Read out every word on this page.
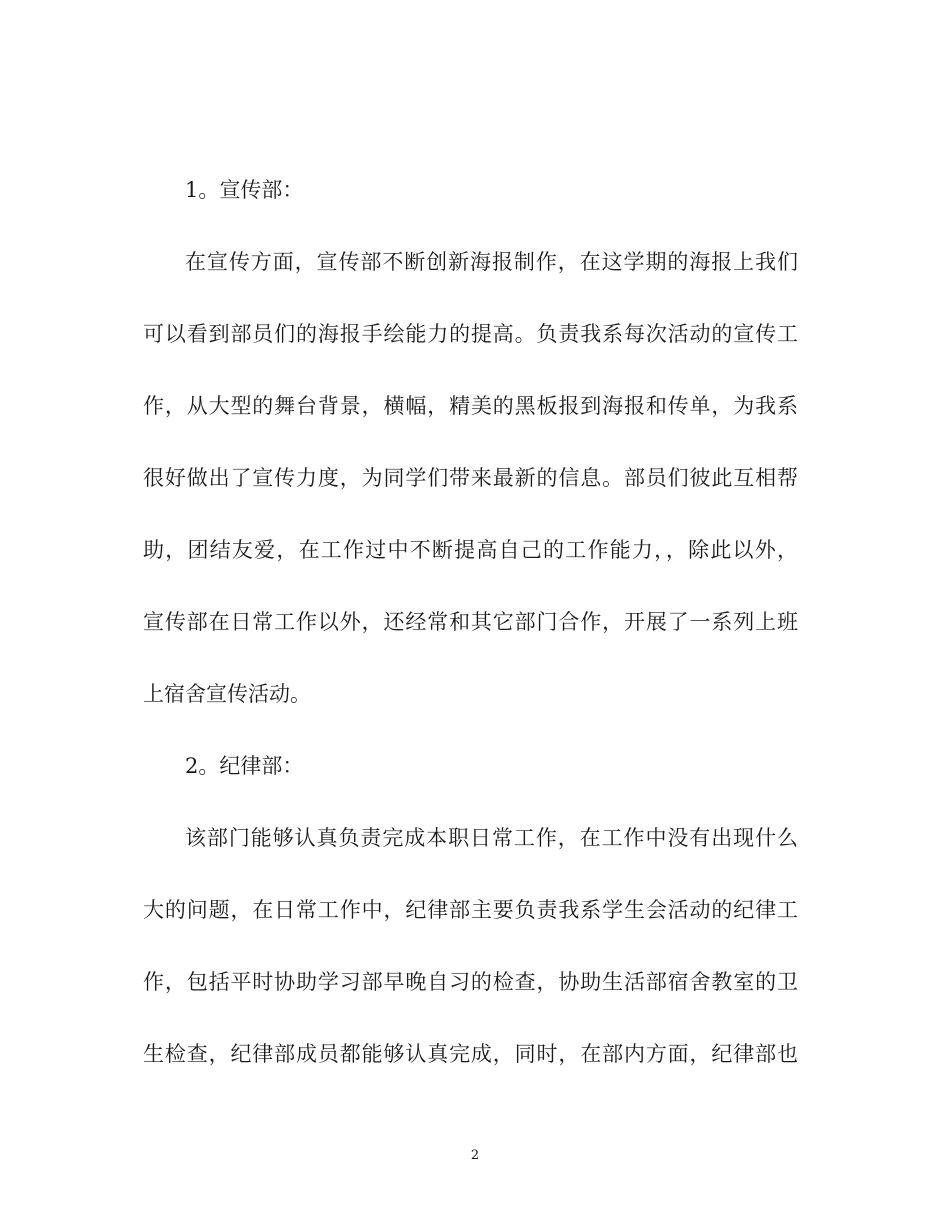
1。宣传部：
在宣传方面，宣传部不断创新海报制作，在这学期的海报上我们
可以看到部员们的海报手绘能力的提高。负责我系每次活动的宣传工
作，从大型的舞台背景，横幅，精美的黑板报到海报和传单，为我系
很好做出了宣传力度，为同学们带来最新的信息。部员们彼此互相帮
助，团结友爱，在工作过中不断提高自己的工作能力，，除此以外，
宣传部在日常工作以外，还经常和其它部门合作，开展了一系列上班
上宿舍宣传活动。
2。纪律部：
该部门能够认真负责完成本职日常工作，在工作中没有出现什么
大的问题，在日常工作中，纪律部主要负责我系学生会活动的纪律工
作，包括平时协助学习部早晚自习的检查，协助生活部宿舍教室的卫
生检查，纪律部成员都能够认真完成，同时，在部内方面，纪律部也
2
